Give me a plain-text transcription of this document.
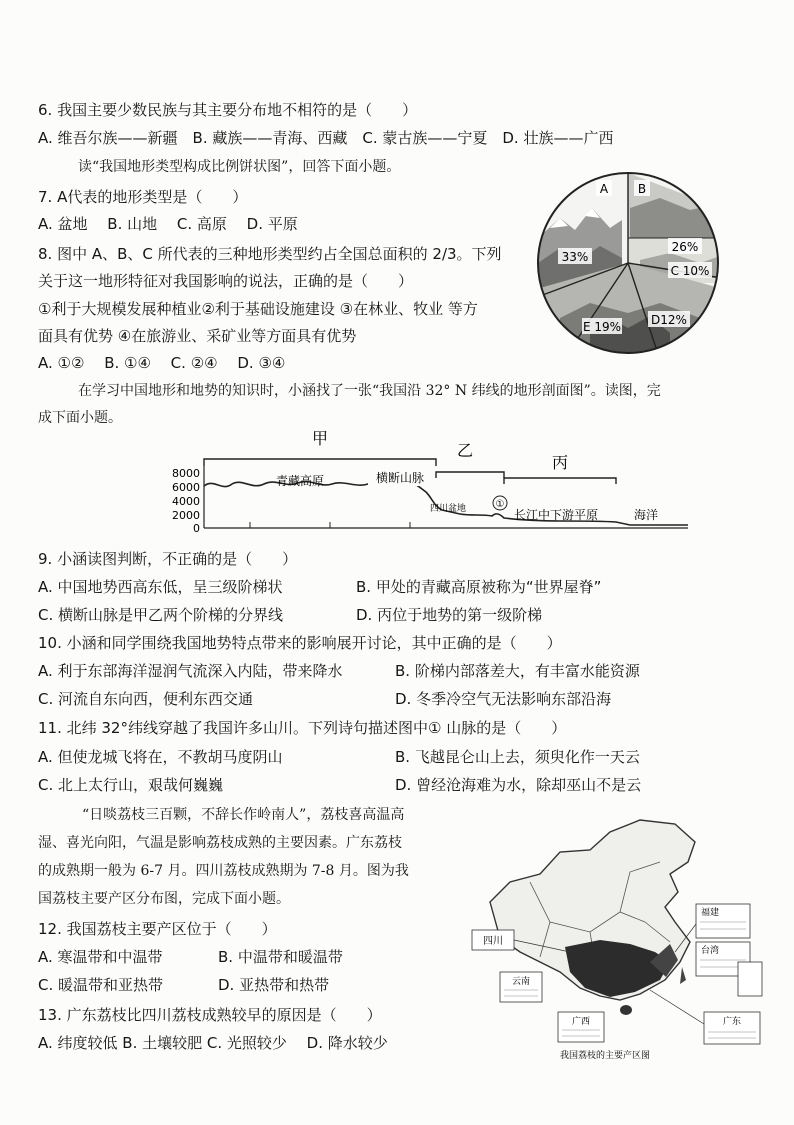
6. 我国主要少数民族与其主要分布地不相符的是（　　）
A. 维吾尔族——新疆　B. 藏族——青海、西藏　C. 蒙古族——宁夏　D. 壮族——广西
读“我国地形类型构成比例饼状图”，回答下面小题。
7. A代表的地形类型是（　　）
A. 盆地　 B. 山地　 C. 高原　 D. 平原
8. 图中 A、B、C 所代表的三种地形类型约占全国总面积的 2/3。下列
关于这一地形特征对我国影响的说法，正确的是（　　）
①利于大规模发展种植业②利于基础设施建设 ③在林业、牧业 等方
面具有优势 ④在旅游业、采矿业等方面具有优势
A. ①②　 B. ①④　 C. ②④　 D. ③④
A B
26%
33%
C 10%
E 19%	D12%
在学习中国地形和地势的知识时，小涵找了一张“我国沿 32° N 纬线的地形剖面图”。读图，完
成下面小题。
甲
乙
丙
8000
6000
4000
2000
0
青藏高原	横断山脉
四川盆地	①
长江中下游平原	海洋
9. 小涵读图判断，不正确的是（　　）
A. 中国地势西高东低，呈三级阶梯状	B. 甲处的青藏高原被称为“世界屋脊”
C. 横断山脉是甲乙两个阶梯的分界线	D. 丙位于地势的第一级阶梯
10. 小涵和同学围绕我国地势特点带来的影响展开讨论，其中正确的是（　　）
A. 利于东部海洋湿润气流深入内陆，带来降水	B. 阶梯内部落差大，有丰富水能资源
C. 河流自东向西，便利东西交通	D. 冬季冷空气无法影响东部沿海
11. 北纬 32°纬线穿越了我国许多山川。下列诗句描述图中① 山脉的是（　　）
A. 但使龙城飞将在，不教胡马度阴山	B. 飞越昆仑山上去，须臾化作一天云
C. 北上太行山，艰哉何巍巍	D. 曾经沧海难为水，除却巫山不是云
“日啖荔枝三百颗，不辞长作岭南人”，荔枝喜高温高
湿、喜光向阳，气温是影响荔枝成熟的主要因素。广东荔枝
的成熟期一般为 6-7 月。四川荔枝成熟期为 7-8 月。图为我
国荔枝主要产区分布图，完成下面小题。
12. 我国荔枝主要产区位于（　　）
A. 寒温带和中温带	B. 中温带和暖温带
C. 暖温带和亚热带	D. 亚热带和热带
13. 广东荔枝比四川荔枝成熟较早的原因是（　　）
A. 纬度较低 B. 土壤较肥 C. 光照较少　 D. 降水较少
四川
云南
广西
福建
台湾
广东
我国荔枝的主要产区图
